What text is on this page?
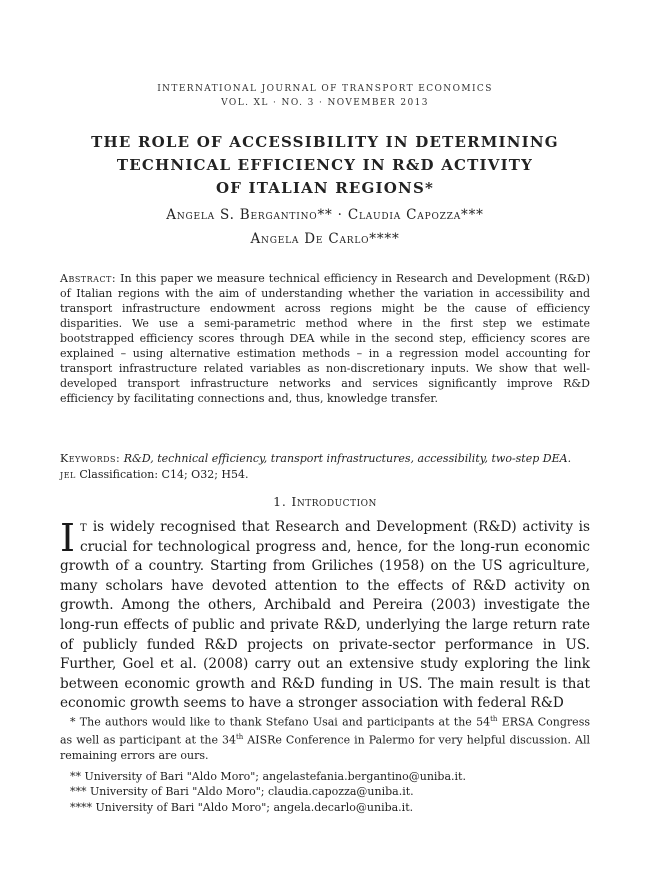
INTERNATIONAL JOURNAL OF TRANSPORT ECONOMICS
VOL. XL · NO. 3 · NOVEMBER 2013
THE ROLE OF ACCESSIBILITY IN DETERMINING
TECHNICAL EFFICIENCY IN R&D ACTIVITY
OF ITALIAN REGIONS*
Angela S. Bergantino** · Claudia Capozza***
Angela De Carlo****
Abstract: In this paper we measure technical efficiency in Research and Development (R&D) of Italian regions with the aim of understanding whether the variation in accessibility and transport infrastructure endowment across regions might be the cause of efficiency disparities. We use a semi-parametric method where in the first step we estimate bootstrapped efficiency scores through DEA while in the second step, efficiency scores are explained – using alternative estimation methods – in a regression model accounting for transport infrastructure related variables as non-discretionary inputs. We show that well-developed transport infrastructure networks and services significantly improve R&D efficiency by facilitating connections and, thus, knowledge transfer.
Keywords: R&D, technical efficiency, transport infrastructures, accessibility, two-step DEA.
jel Classification: C14; O32; H54.
1. Introduction
It is widely recognised that Research and Development (R&D) activity is crucial for technological progress and, hence, for the long-run economic growth of a country. Starting from Griliches (1958) on the US agriculture, many scholars have devoted attention to the effects of R&D activity on growth. Among the others, Archibald and Pereira (2003) investigate the long-run effects of public and private R&D, underlying the large return rate of publicly funded R&D projects on private-sector performance in US. Further, Goel et al. (2008) carry out an extensive study exploring the link between economic growth and R&D funding in US. The main result is that economic growth seems to have a stronger association with federal R&D

* The authors would like to thank Stefano Usai and participants at the 54th ERSA Congress as well as participant at the 34th AISRe Conference in Palermo for very helpful discussion. All remaining errors are ours.

** University of Bari "Aldo Moro"; angelastefania.bergantino@uniba.it.

*** University of Bari "Aldo Moro"; claudia.capozza@uniba.it.

**** University of Bari "Aldo Moro"; angela.decarlo@uniba.it.
